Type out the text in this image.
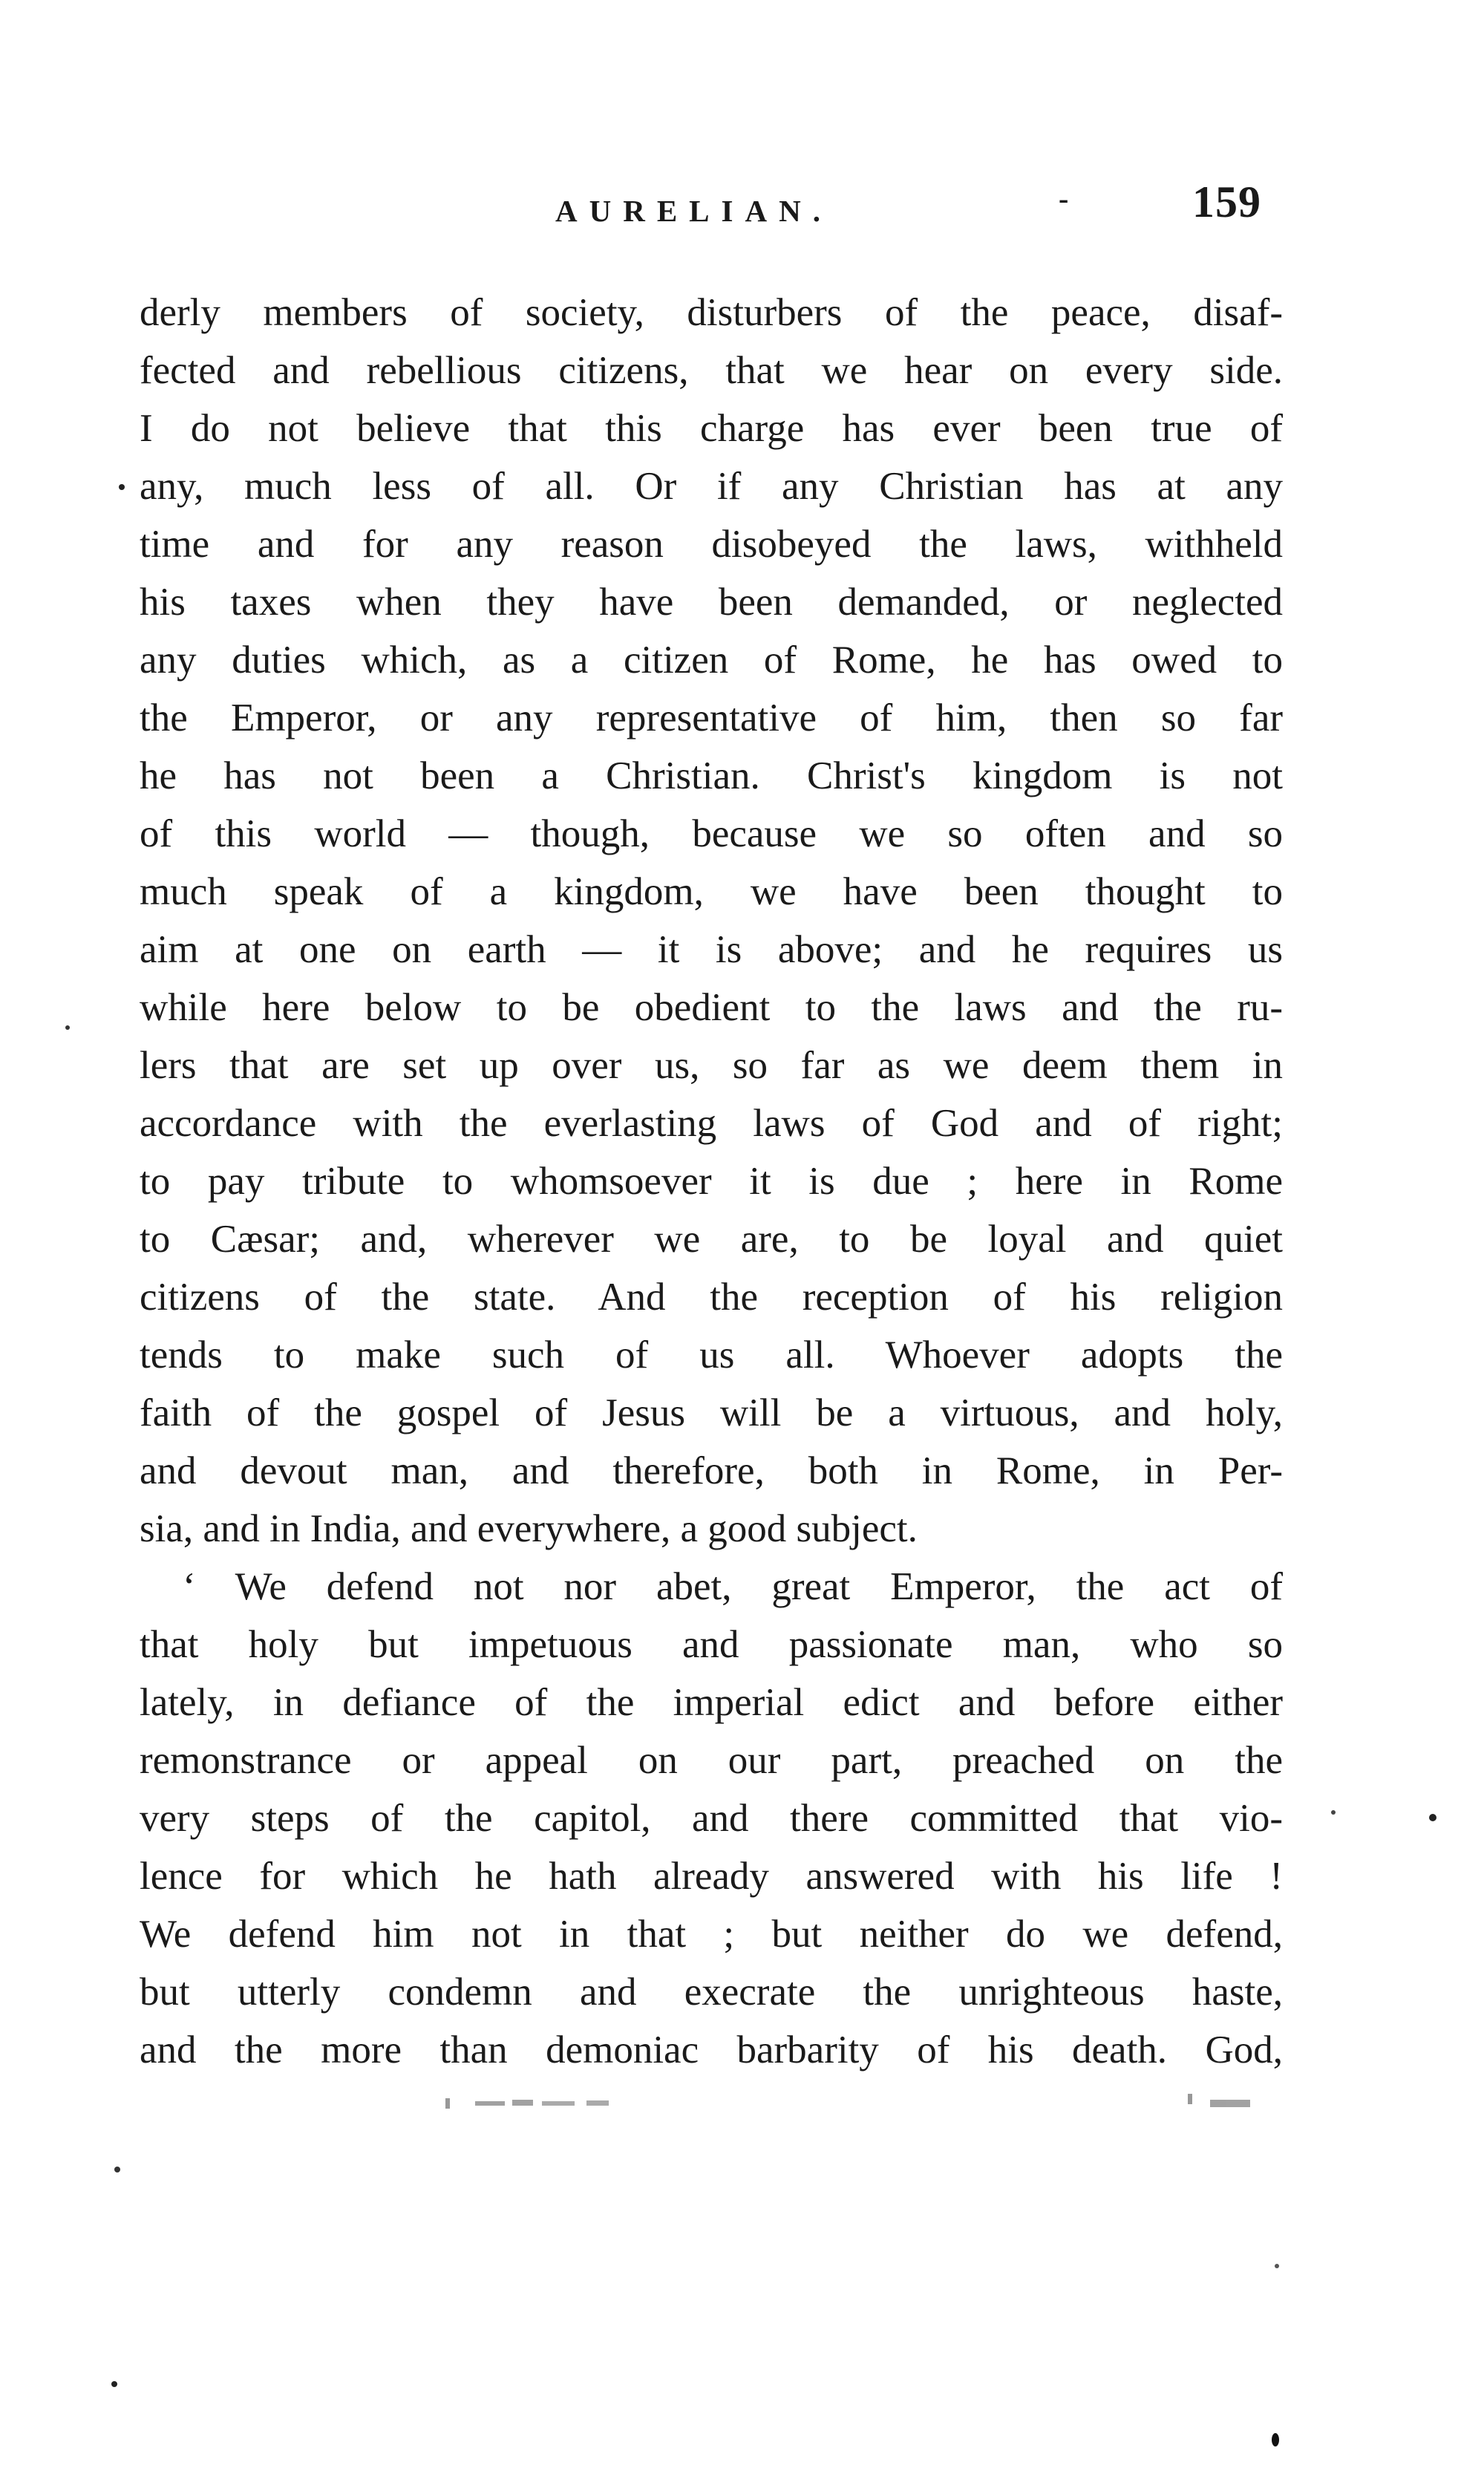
AURELIAN.	-	159
derly members of society, disturbers of the peace, disaf-
fected and rebellious citizens, that we hear on every side.
I do not believe that this charge has ever been true of
any, much less of all. Or if any Christian has at any
time and for any reason disobeyed the laws, withheld
his taxes when they have been demanded, or neglected
any duties which, as a citizen of Rome, he has owed to
the Emperor, or any representative of him, then so far
he has not been a Christian. Christ's kingdom is not
of this world — though, because we so often and so
much speak of a kingdom, we have been thought to
aim at one on earth — it is above; and he requires us
while here below to be obedient to the laws and the ru-
lers that are set up over us, so far as we deem them in
accordance with the everlasting laws of God and of right;
to pay tribute to whomsoever it is due ; here in Rome
to Cæsar; and, wherever we are, to be loyal and quiet
citizens of the state. And the reception of his religion
tends to make such of us all. Whoever adopts the
faith of the gospel of Jesus will be a virtuous, and holy,
and devout man, and therefore, both in Rome, in Per-
sia, and in India, and everywhere, a good subject.
‘ We defend not nor abet, great Emperor, the act of
that holy but impetuous and passionate man, who so
lately, in defiance of the imperial edict and before either
remonstrance or appeal on our part, preached on the
very steps of the capitol, and there committed that vio-
lence for which he hath already answered with his life !
We defend him not in that ; but neither do we defend,
but utterly condemn and execrate the unrighteous haste,
and the more than demoniac barbarity of his death. God,
